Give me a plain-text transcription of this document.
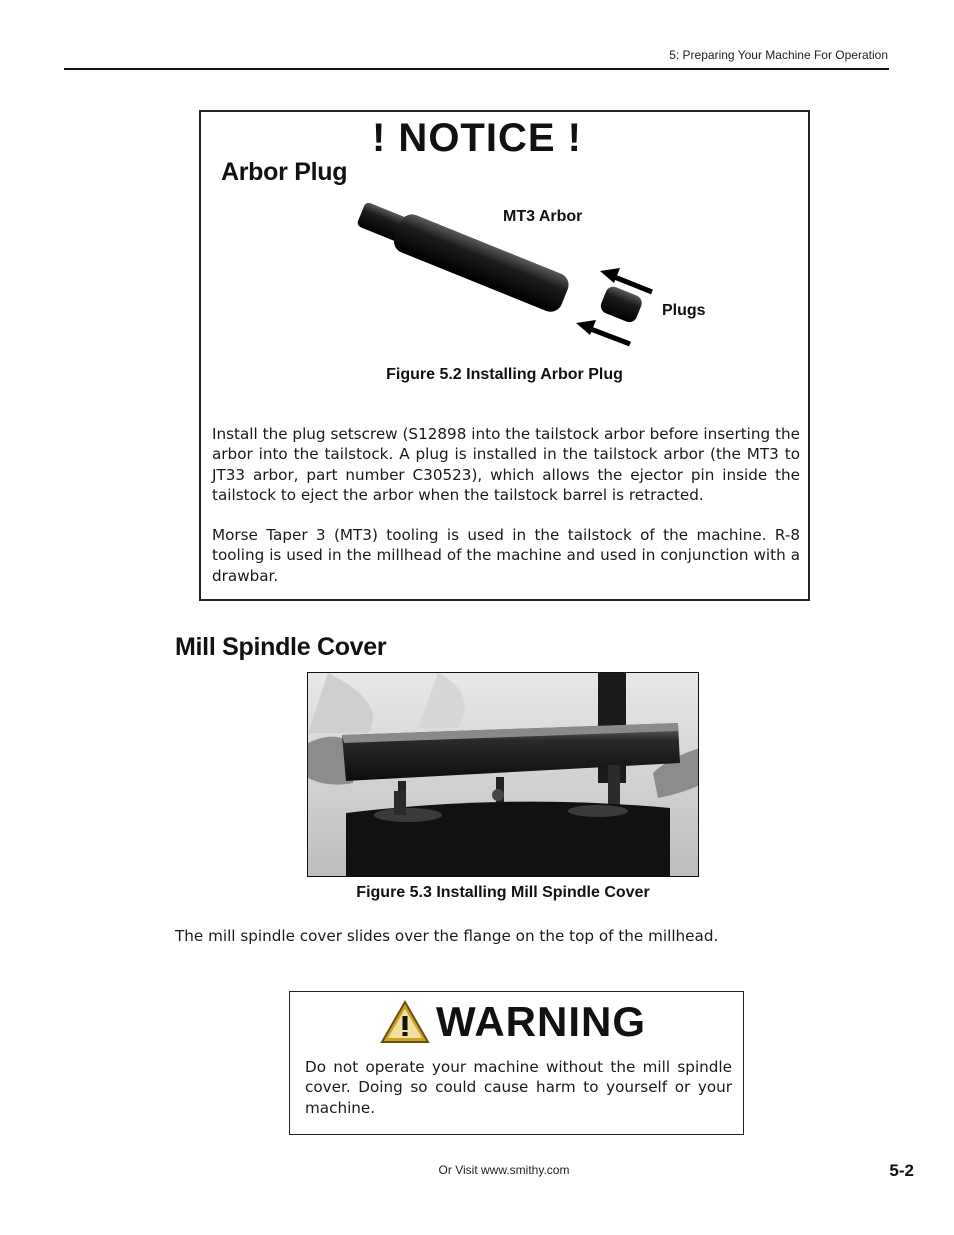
5: Preparing Your Machine For Operation
! NOTICE !
Arbor Plug
MT3 Arbor
Plugs
Figure 5.2 Installing Arbor Plug
Install the plug setscrew (S12898 into the tailstock arbor before inserting the arbor into the tailstock. A plug is installed in the tailstock arbor (the MT3 to JT33 arbor, part number C30523), which allows the ejector pin inside the tailstock to eject the arbor when the tailstock barrel is retracted.
Morse Taper 3 (MT3) tooling is used in the tailstock of the machine. R-8 tooling is used in the millhead of the machine and used in conjunction with a drawbar.
Mill Spindle Cover
Figure 5.3 Installing Mill Spindle Cover
The mill spindle cover slides over the flange on the top of the millhead.
WARNING
Do not operate your machine without the mill spindle cover. Doing so could cause harm to yourself or your machine.
Or Visit www.smithy.com	5-2
